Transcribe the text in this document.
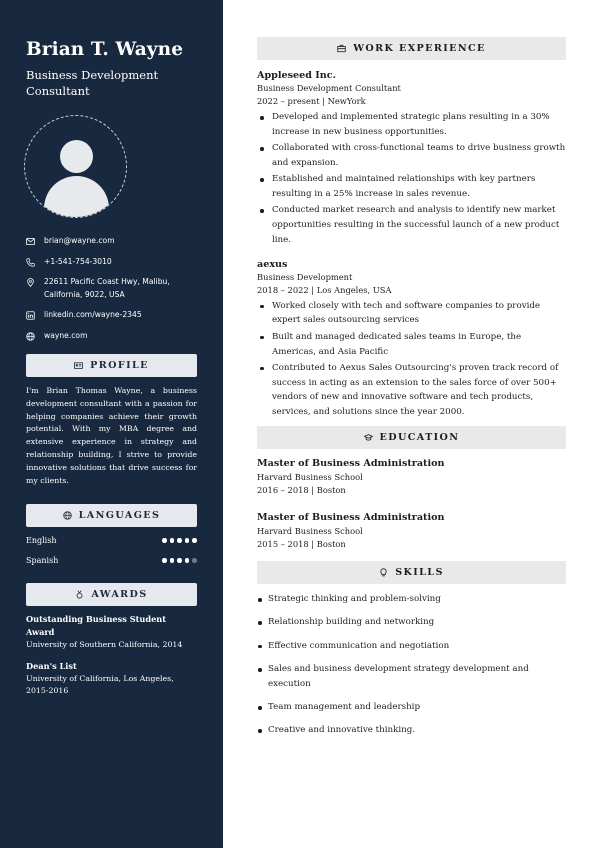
Brian T. Wayne
Business Development Consultant
brian@wayne.com
+1-541-754-3010
22611 Pacific Coast Hwy, Malibu, California, 9022, USA
linkedin.com/wayne-2345
wayne.com
PROFILE

I'm Brian Thomas Wayne, a business development consultant with a passion for helping companies achieve their growth potential. With my MBA degree and extensive experience in strategy and relationship building, I strive to provide innovative solutions that drive success for my clients.

LANGUAGES
English
Spanish
AWARDS
Outstanding Business Student Award
University of Southern California, 2014
Dean's List
University of California, Los Angeles, 2015-2016
WORK EXPERIENCE
Appleseed Inc.
Business Development Consultant
2022 – present | NewYork
Developed and implemented strategic plans resulting in a 30% increase in new business opportunities.
Collaborated with cross-functional teams to drive business growth and expansion.
Established and maintained relationships with key partners resulting in a 25% increase in sales revenue.
Conducted market research and analysis to identify new market opportunities resulting in the successful launch of a new product line.
aexus
Business Development
2018 – 2022 | Los Angeles, USA
Worked closely with tech and software companies to provide expert sales outsourcing services
Built and managed dedicated sales teams in Europe, the Americas, and Asia Pacific
Contributed to Aexus Sales Outsourcing's proven track record of success in acting as an extension to the sales force of over 500+ vendors of new and innovative software and tech products, services, and solutions since the year 2000.
EDUCATION
Master of Business Administration
Harvard Business School
2016 – 2018 | Boston
Master of Business Administration
Harvard Business School
2015 – 2018 | Boston
SKILLS
Strategic thinking and problem-solving
Relationship building and networking
Effective communication and negotiation
Sales and business development strategy development and execution
Team management and leadership
Creative and innovative thinking.
